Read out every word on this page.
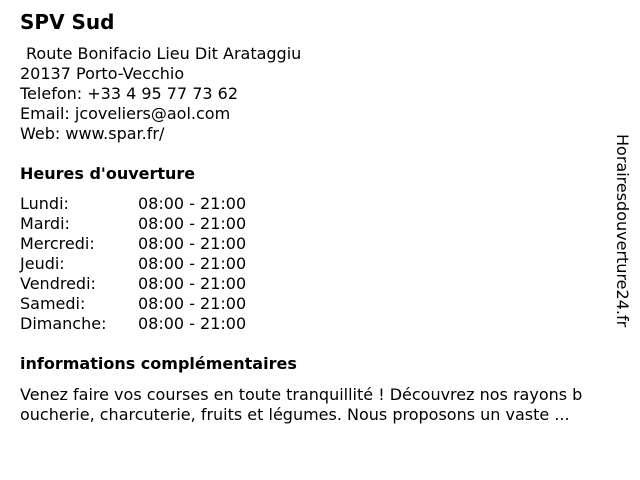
SPV Sud
Route Bonifacio Lieu Dit Arataggiu
20137 Porto-Vecchio
Telefon: +33 4 95 77 73 62
Email: jcoveliers@aol.com
Web: www.spar.fr/
Heures d'ouverture
Lundi:	08:00 - 21:00
Mardi:	08:00 - 21:00
Mercredi:	08:00 - 21:00
Jeudi:	08:00 - 21:00
Vendredi:	08:00 - 21:00
Samedi:	08:00 - 21:00
Dimanche: 08:00 - 21:00
informations complémentaires
Venez faire vos courses en toute tranquillité ! Découvrez nos rayons b
oucherie, charcuterie, fruits et légumes. Nous proposons un vaste ...
Horairesdouverture24.fr
